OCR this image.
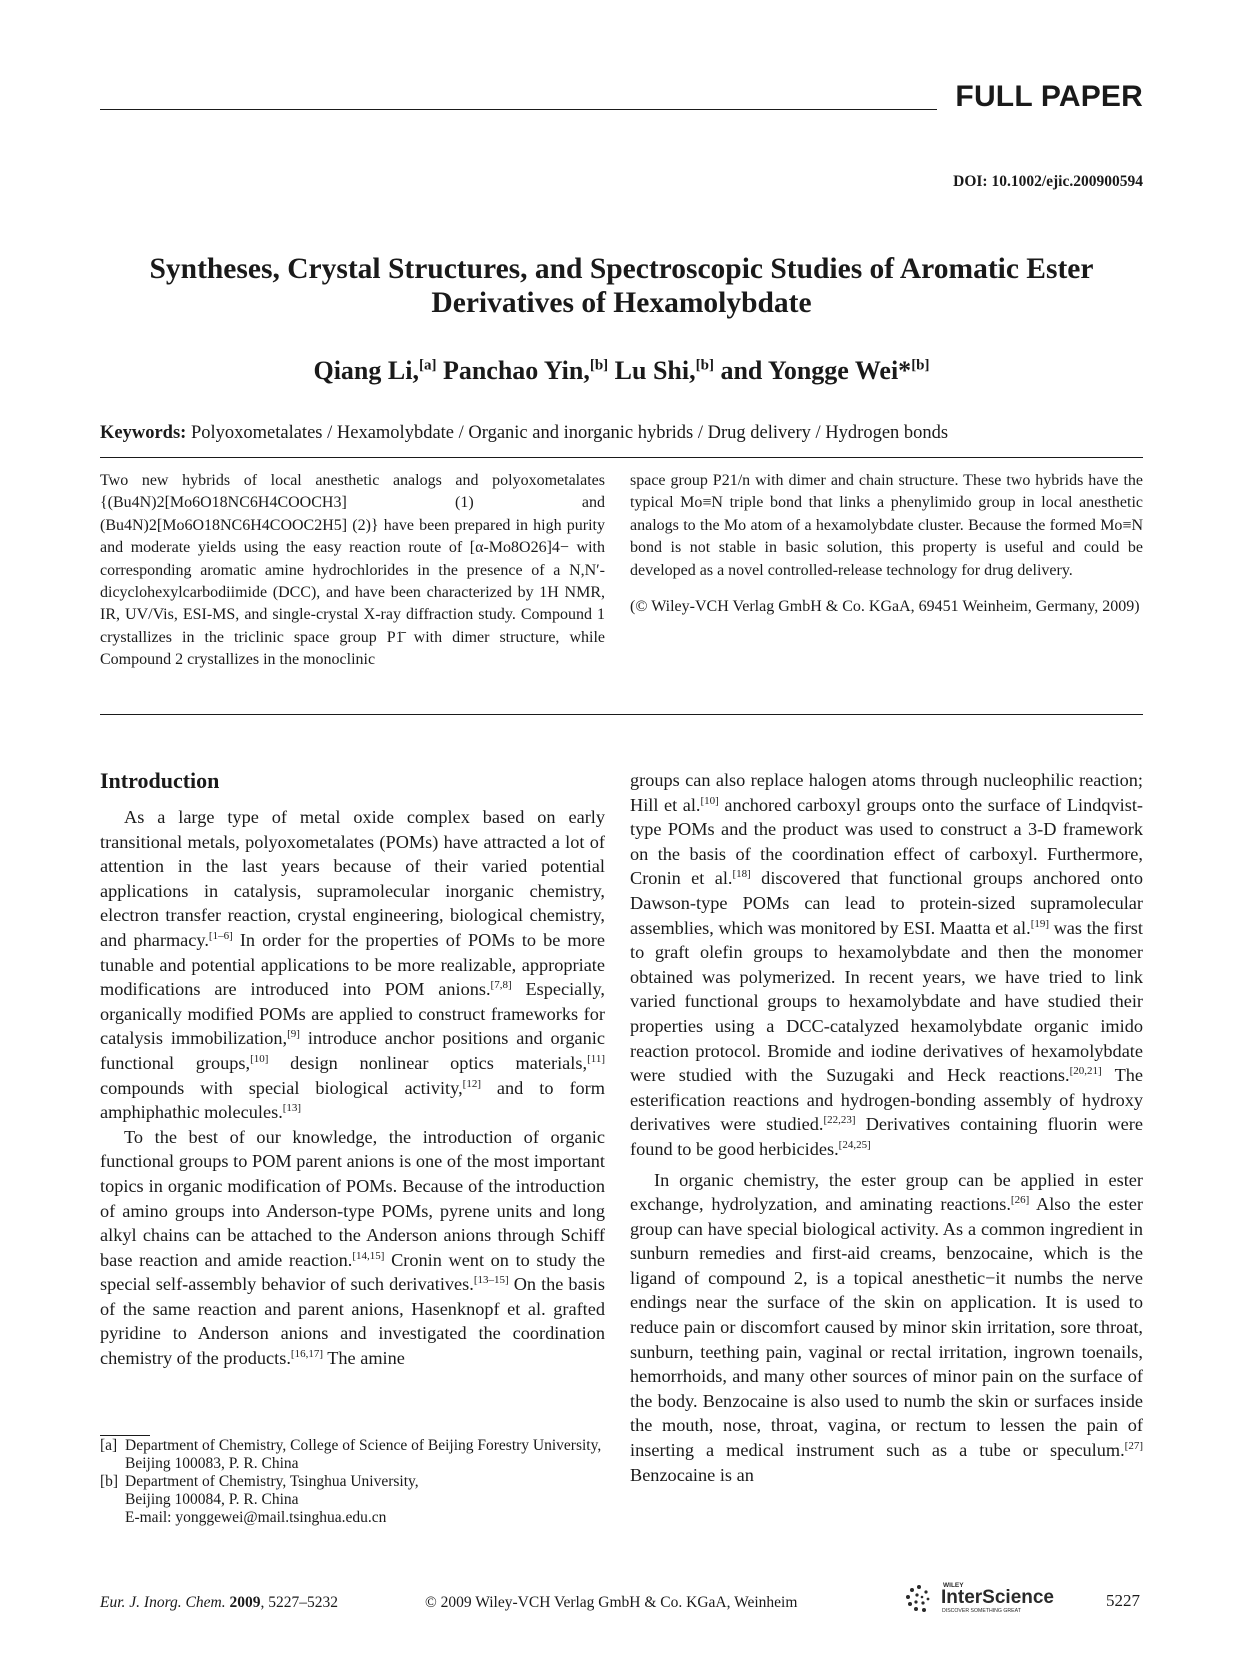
FULL PAPER
DOI: 10.1002/ejic.200900594
Syntheses, Crystal Structures, and Spectroscopic Studies of Aromatic Ester
Derivatives of Hexamolybdate
Qiang Li,[a] Panchao Yin,[b] Lu Shi,[b] and Yongge Wei*[b]
Keywords: Polyoxometalates / Hexamolybdate / Organic and inorganic hybrids / Drug delivery / Hydrogen bonds

Two new hybrids of local anesthetic analogs and polyoxometalates {(Bu4N)2[Mo6O18NC6H4COOCH3] (1) and (Bu4N)2[Mo6O18NC6H4COOC2H5] (2)} have been prepared in high purity and moderate yields using the easy reaction route of [α-Mo8O26]4− with corresponding aromatic amine hydrochlorides in the presence of a N,N′-dicyclohexylcarbodiimide (DCC), and have been characterized by 1H NMR, IR, UV/Vis, ESI-MS, and single-crystal X-ray diffraction study. Compound 1 crystallizes in the triclinic space group P1̄ with dimer structure, while Compound 2 crystallizes in the monoclinic

space group P21/n with dimer and chain structure. These two hybrids have the typical Mo≡N triple bond that links a phenylimido group in local anesthetic analogs to the Mo atom of a hexamolybdate cluster. Because the formed Mo≡N bond is not stable in basic solution, this property is useful and could be developed as a novel controlled-release technology for drug delivery.

(© Wiley-VCH Verlag GmbH & Co. KGaA, 69451 Weinheim, Germany, 2009)

Introduction

As a large type of metal oxide complex based on early transitional metals, polyoxometalates (POMs) have attracted a lot of attention in the last years because of their varied potential applications in catalysis, supramolecular inorganic chemistry, electron transfer reaction, crystal engineering, biological chemistry, and pharmacy.[1–6] In order for the properties of POMs to be more tunable and potential applications to be more realizable, appropriate modifications are introduced into POM anions.[7,8] Especially, organically modified POMs are applied to construct frameworks for catalysis immobilization,[9] introduce anchor positions and organic functional groups,[10] design nonlinear optics materials,[11] compounds with special biological activity,[12] and to form amphiphathic molecules.[13]

To the best of our knowledge, the introduction of organic functional groups to POM parent anions is one of the most important topics in organic modification of POMs. Because of the introduction of amino groups into Anderson-type POMs, pyrene units and long alkyl chains can be attached to the Anderson anions through Schiff base reaction and amide reaction.[14,15] Cronin went on to study the special self-assembly behavior of such derivatives.[13–15] On the basis of the same reaction and parent anions, Hasenknopf et al. grafted pyridine to Anderson anions and investigated the coordination chemistry of the products.[16,17] The amine

groups can also replace halogen atoms through nucleophilic reaction; Hill et al.[10] anchored carboxyl groups onto the surface of Lindqvist-type POMs and the product was used to construct a 3-D framework on the basis of the coordination effect of carboxyl. Furthermore, Cronin et al.[18] discovered that functional groups anchored onto Dawson-type POMs can lead to protein-sized supramolecular assemblies, which was monitored by ESI. Maatta et al.[19] was the first to graft olefin groups to hexamolybdate and then the monomer obtained was polymerized. In recent years, we have tried to link varied functional groups to hexamolybdate and have studied their properties using a DCC-catalyzed hexamolybdate organic imido reaction protocol. Bromide and iodine derivatives of hexamolybdate were studied with the Suzugaki and Heck reactions.[20,21] The esterification reactions and hydrogen-bonding assembly of hydroxy derivatives were studied.[22,23] Derivatives containing fluorin were found to be good herbicides.[24,25]

In organic chemistry, the ester group can be applied in ester exchange, hydrolyzation, and aminating reactions.[26] Also the ester group can have special biological activity. As a common ingredient in sunburn remedies and first-aid creams, benzocaine, which is the ligand of compound 2, is a topical anesthetic−it numbs the nerve endings near the surface of the skin on application. It is used to reduce pain or discomfort caused by minor skin irritation, sore throat, sunburn, teething pain, vaginal or rectal irritation, ingrown toenails, hemorrhoids, and many other sources of minor pain on the surface of the body. Benzocaine is also used to numb the skin or surfaces inside the mouth, nose, throat, vagina, or rectum to lessen the pain of inserting a medical instrument such as a tube or speculum.[27] Benzocaine is an

[a] Department of Chemistry, College of Science of Beijing Forestry University,
Beijing 100083, P. R. China
[b] Department of Chemistry, Tsinghua University,
Beijing 100084, P. R. China
E-mail: yonggewei@mail.tsinghua.edu.cn
Eur. J. Inorg. Chem. 2009, 5227–5232	© 2009 Wiley-VCH Verlag GmbH & Co. KGaA, Weinheim
WILEY
InterScience
DISCOVER SOMETHING GREAT
5227
